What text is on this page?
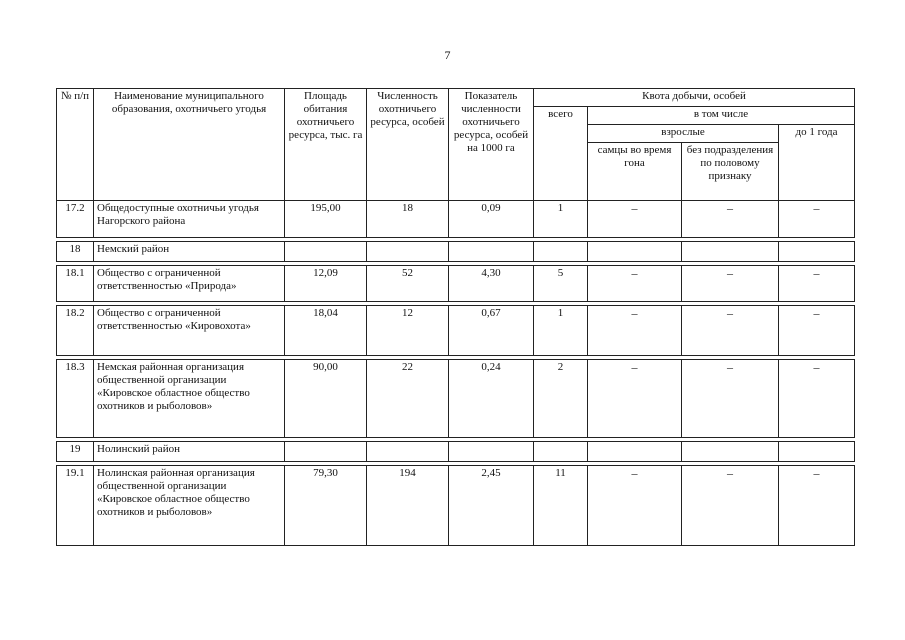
7
№ п/п	Наименование муниципального образования, охотничьего угодья	Площадь обитания охотничьего ресурса, тыс. га	Численность охотничьего ресурса, особей	Показатель численности охотничьего ресурса, особей на 1000 га	Квота добычи, особей			
					всего	в том числе		
						взрослые		до 1 года
						самцы во время гона	без подразделения по половому признаку	
17.2	Общедоступные охотничьи угодья Нагорского района	195,00	18	0,09	1	–	–	–

18	Немский район							

18.1	Общество с ограниченной ответственностью «Природа»	12,09	52	4,30	5	–	–	–

18.2	Общество с ограниченной ответственностью «Кировохота»	18,04	12	0,67	1	–	–	–

18.3	Немская районная организация общественной организации «Кировское областное общество охотников и рыболовов»	90,00	22	0,24	2	–	–	–

19	Нолинский район							

19.1	Нолинская районная организация общественной организации «Кировское областное общество охотников и рыболовов»	79,30	194	2,45	11	–	–	–
